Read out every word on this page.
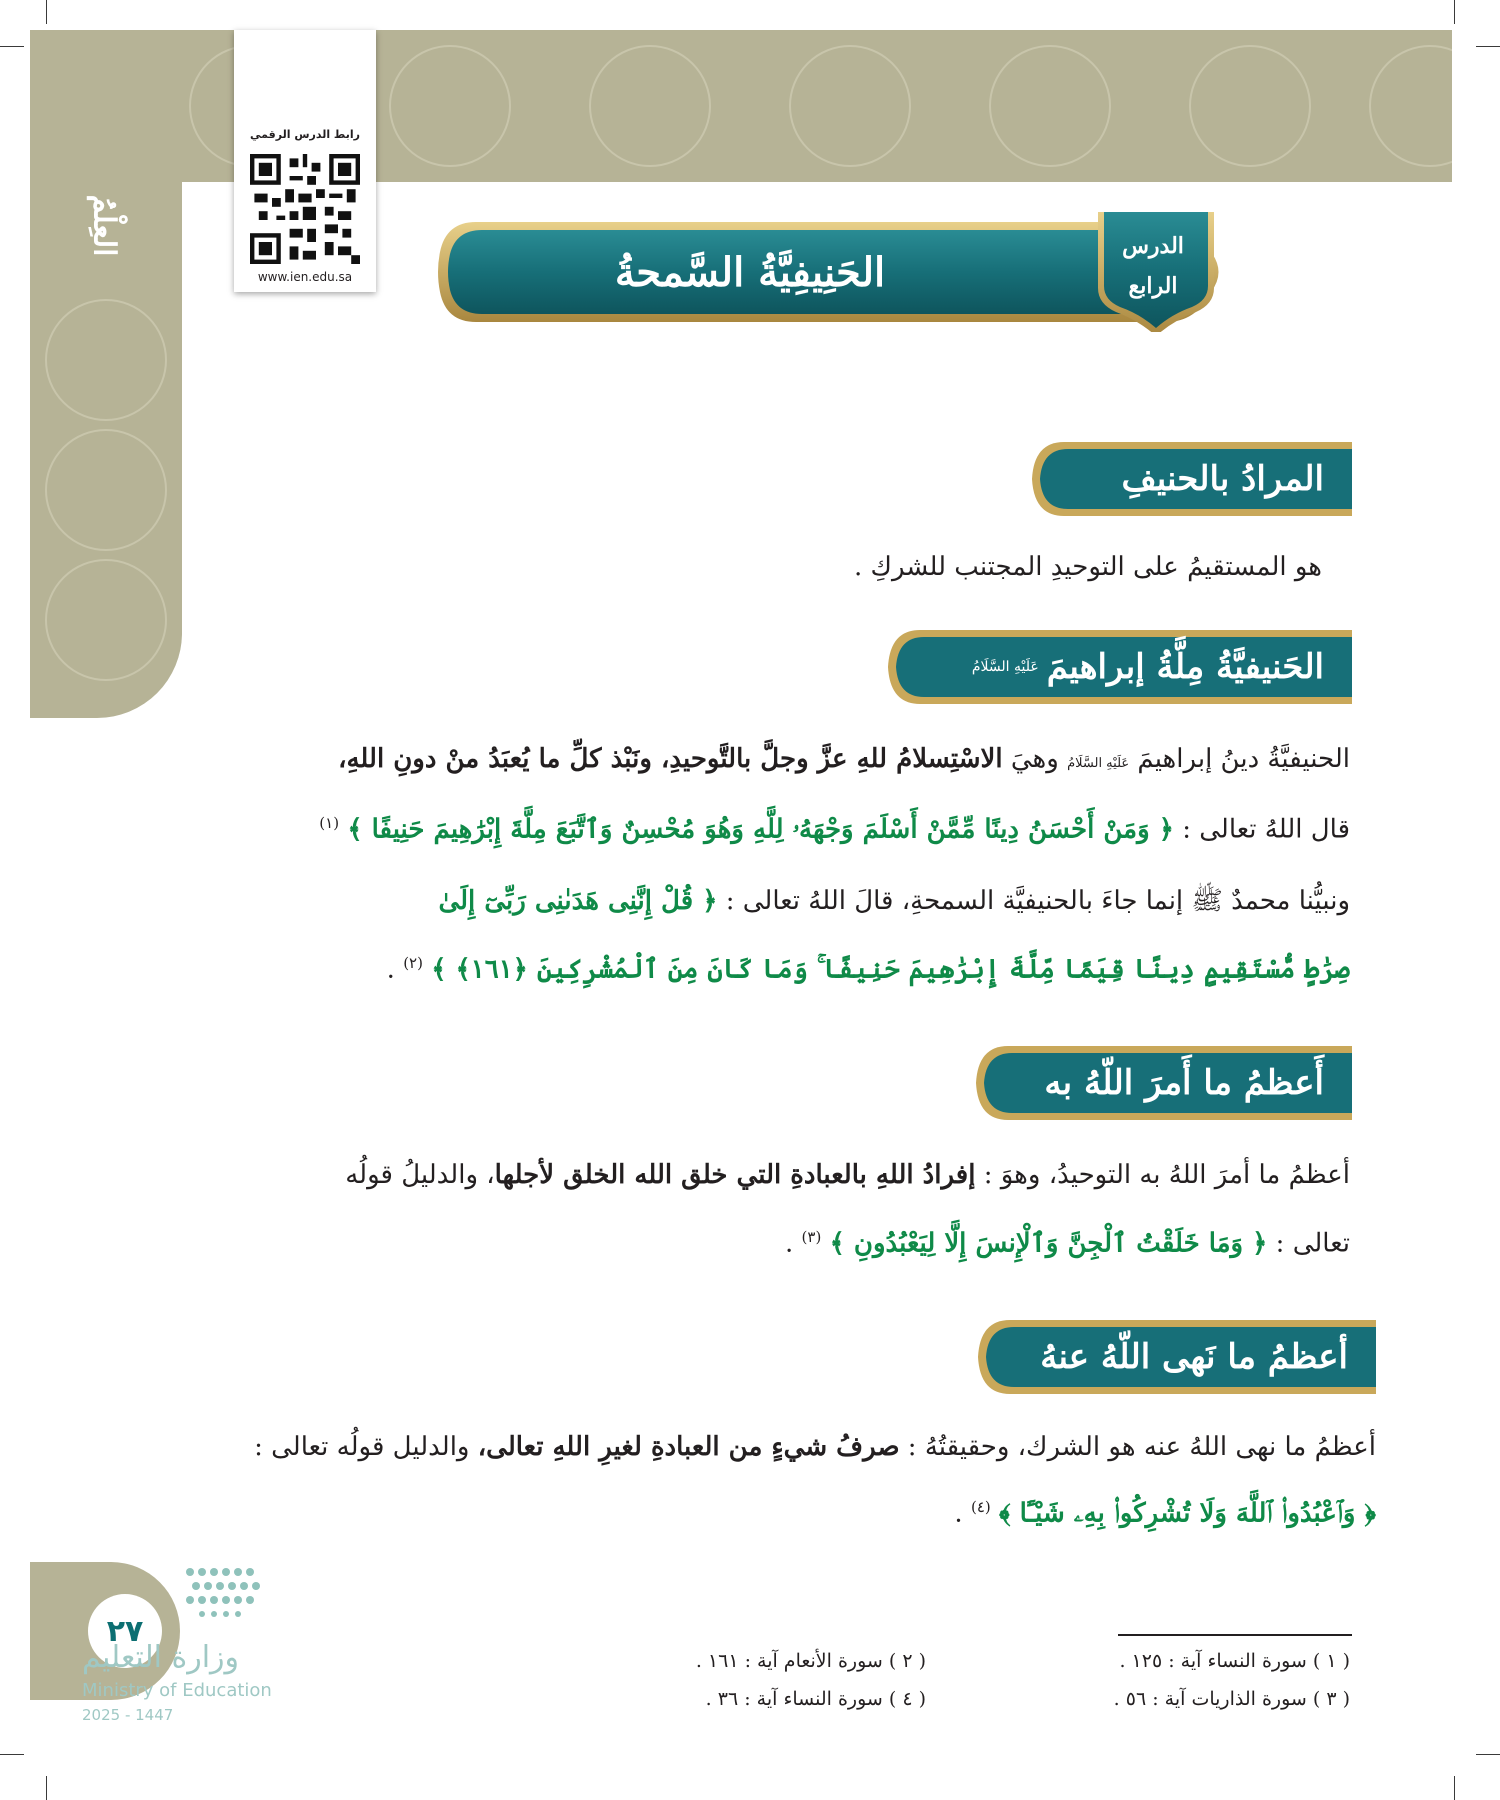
العِلْمُ
رابط الدرس الرقمي
www.ien.edu.sa	الحَنِيفِيَّةُ السَّمحةُ
الدرس
الرابع
المرادُ بالحنيفِ
هو المستقيمُ على التوحيدِ المجتنب للشركِ .
الحَنيفيَّةُ مِلَّةُ إبراهيمَ
عَلَيْهِ السَّلَامُ
الحنيفيَّةُ دينُ إبراهيمَ عَلَيْهِ السَّلَامُ وهيَ الاسْتِسلامُ للهِ عزَّ وجلَّ بالتَّوحيدِ، ونَبْذ كلِّ ما يُعبَدُ منْ دونِ اللهِ،
قال اللهُ تعالى : ﴿ وَمَنْ أَحْسَنُ دِينًا مِّمَّنْ أَسْلَمَ وَجْهَهُۥ لِلَّهِ وَهُوَ مُحْسِنٌ وَٱتَّبَعَ مِلَّةَ إِبْرَٰهِيمَ حَنِيفًا ﴾ $^{(١)}$
ونبيُّنا محمدٌ ﷺ إنما جاءَ بالحنيفيَّة السمحةِ، قالَ اللهُ تعالى : ﴿ قُلْ إِنَّنِى هَدَىٰنِى رَبِّىٓ إِلَىٰ
صِرَٰطٍ مُّسْتَقِيمٍ دِينًا قِيَمًا مِّلَّةَ إِبْرَٰهِيمَ حَنِيفًا ۚ وَمَا كَانَ مِنَ ٱلْمُشْرِكِينَ ﴿١٦١﴾ ﴾ $^{(٢)}$ .
أَعظمُ ما أَمرَ اللّهُ به
أعظمُ ما أمرَ اللهُ به التوحيدُ، وهوَ : إفرادُ اللهِ بالعبادةِ التي خلق الله الخلق لأجلها، والدليلُ قولُه
تعالى : ﴿ وَمَا خَلَقْتُ ٱلْجِنَّ وَٱلْإِنسَ إِلَّا لِيَعْبُدُونِ ﴾ $^{(٣)}$ .
أعظمُ ما نَهى اللّهُ عنهُ
أعظمُ ما نهى اللهُ عنه هو الشرك، وحقيقتُهُ : صرفُ شيءٍ من العبادةِ لغيرِ اللهِ تعالى، والدليل قولُه تعالى :
﴿ وَٱعْبُدُوا۟ ٱللَّهَ وَلَا تُشْرِكُوا۟ بِهِۦ شَيْـًٔا ﴾ $^{(٤)}$ .
( ١ ) سورة النساء آية : ١٢٥ .
( ٢ ) سورة الأنعام آية : ١٦١ .
( ٣ ) سورة الذاريات آية : ٥٦ .
( ٤ ) سورة النساء آية : ٣٦ .
٢٧
وزارة التعليم
Ministry of Education
2025 - 1447
